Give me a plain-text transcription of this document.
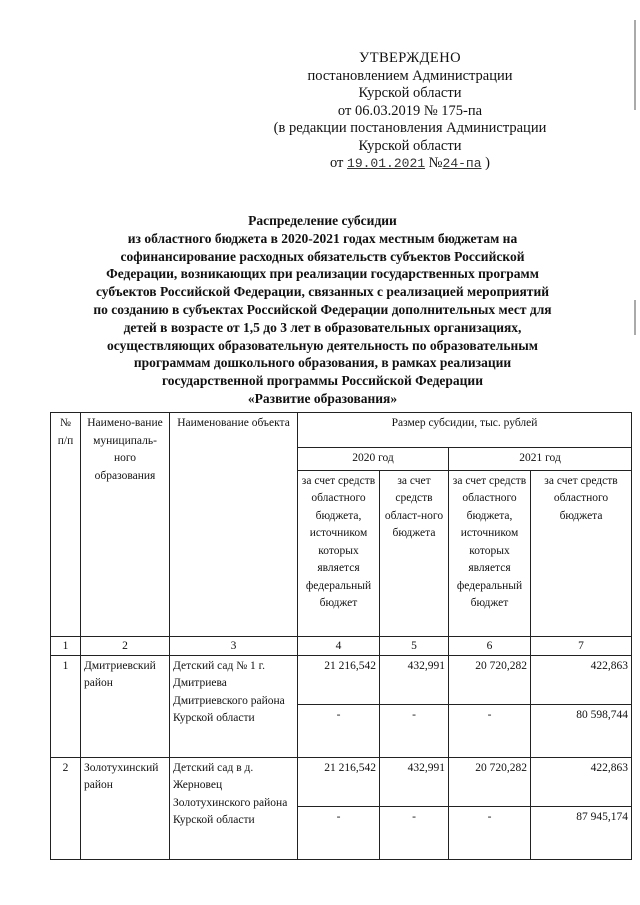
УТВЕРЖДЕНО
постановлением Администрации
Курской области
от 06.03.2019 № 175-па
(в редакции постановления Администрации
Курской области
от 19.01.2021 №24-па )
Распределение субсидии
из областного бюджета в 2020-2021 годах местным бюджетам на
софинансирование расходных обязательств субъектов Российской
Федерации, возникающих при реализации государственных программ
субъектов Российской Федерации, связанных с реализацией мероприятий
по созданию в субъектах Российской Федерации дополнительных мест для
детей в возрасте от 1,5 до 3 лет в образовательных организациях,
осуществляющих образовательную деятельность по образовательным
программам дошкольного образования, в рамках реализации
государственной программы Российской Федерации
«Развитие образования»
№ п/п	Наимено-вание муниципаль-ного образования	Наименование объекта	Размер субсидии, тыс. рублей			
			2020 год		2021 год	
			за счет средств областного бюджета, источником которых является федеральный бюджет	за счет средств област-ного бюджета	за счет средств областного бюджета, источником которых является федеральный бюджет	за счет средств областного бюджета
1	2	3	4	5	6	7
1	Дмитриевский район	Детский сад № 1 г. Дмитриева Дмитриевского района Курской области	21 216,542	432,991	20 720,282	422,863
			-	-	-	80 598,744
2	Золотухинский район	Детский сад в д. Жерновец Золотухинского района Курской области	21 216,542	432,991	20 720,282	422,863
			-	-	-	87 945,174
